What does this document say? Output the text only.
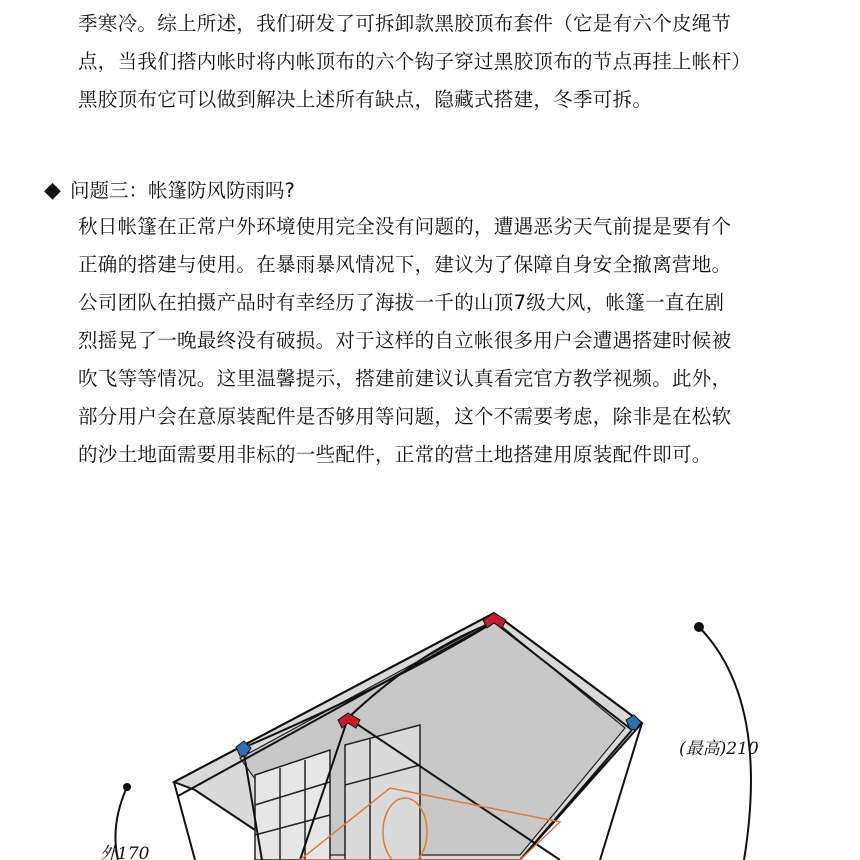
季寒冷。综上所述，我们研发了可拆卸款黑胶顶布套件（它是有六个皮绳节
点，当我们搭内帐时将内帐顶布的六个钩子穿过黑胶顶布的节点再挂上帐杆）
黑胶顶布它可以做到解决上述所有缺点，隐藏式搭建，冬季可拆。
◆ 问题三：帐篷防风防雨吗?
秋日帐篷在正常户外环境使用完全没有问题的，遭遇恶劣天气前提是要有个
正确的搭建与使用。在暴雨暴风情况下，建议为了保障自身安全撤离营地。
公司团队在拍摄产品时有幸经历了海拔一千的山顶7级大风，帐篷一直在剧
烈摇晃了一晚最终没有破损。对于这样的自立帐很多用户会遭遇搭建时候被
吹飞等等情况。这里温馨提示，搭建前建议认真看完官方教学视频。此外，
部分用户会在意原装配件是否够用等问题，这个不需要考虑，除非是在松软
的沙土地面需要用非标的一些配件，正常的营土地搭建用原装配件即可。
(最高)210
外170
